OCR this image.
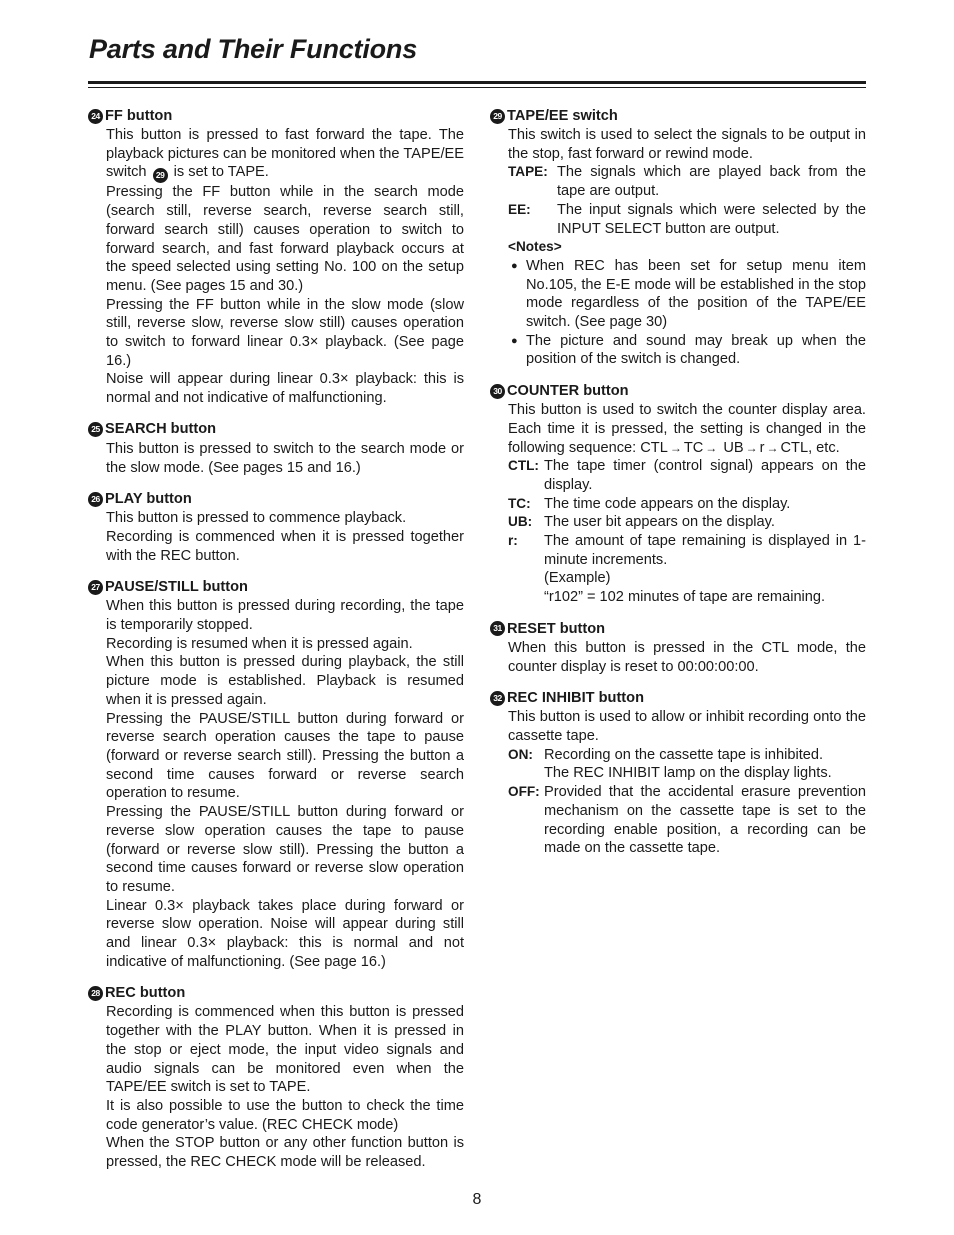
Parts and Their Functions
24 FF button

This button is pressed to fast forward the tape. The playback pictures can be monitored when the TAPE/EE switch 29 is set to TAPE.

Pressing the FF button while in the search mode (search still, reverse search, reverse search still, forward search still) causes operation to switch to forward search, and fast forward playback occurs at the speed selected using setting No. 100 on the setup menu. (See pages 15 and 30.)

Pressing the FF button while in the slow mode (slow still, reverse slow, reverse slow still) causes operation to switch to forward linear 0.3× playback. (See page 16.)

Noise will appear during linear 0.3× playback: this is normal and not indicative of malfunctioning.

25 SEARCH button

This button is pressed to switch to the search mode or the slow mode. (See pages 15 and 16.)

26 PLAY button

This button is pressed to commence playback.

Recording is commenced when it is pressed together with the REC button.

27 PAUSE/STILL button

When this button is pressed during recording, the tape is temporarily stopped.

Recording is resumed when it is pressed again.

When this button is pressed during playback, the still picture mode is established. Playback is resumed when it is pressed again.

Pressing the PAUSE/STILL button during forward or reverse search operation causes the tape to pause (forward or reverse search still). Pressing the button a second time causes forward or reverse search operation to resume.

Pressing the PAUSE/STILL button during forward or reverse slow operation causes the tape to pause (forward or reverse slow still). Pressing the button a second time causes forward or reverse slow operation to resume.

Linear 0.3× playback takes place during forward or reverse slow operation. Noise will appear during still and linear 0.3× playback: this is normal and not indicative of malfunctioning. (See page 16.)

28 REC button

Recording is commenced when this button is pressed together with the PLAY button. When it is pressed in the stop or eject mode, the input video signals and audio signals can be monitored even when the TAPE/EE switch is set to TAPE.

It is also possible to use the button to check the time code generator’s value. (REC CHECK mode)

When the STOP button or any other function button is pressed, the REC CHECK mode will be released.

29 TAPE/EE switch

This switch is used to select the signals to be output in the stop, fast forward or rewind mode.

TAPE: The signals which are played back from the tape are output.
EE:	The input signals which were selected by the INPUT SELECT button are output.
<Notes>
● When REC has been set for setup menu item No.105, the E-E mode will be established in the stop mode regardless of the position of the TAPE/EE switch. (See page 30)
● The picture and sound may break up when the position of the switch is changed.
30 COUNTER button

This button is used to switch the counter display area. Each time it is pressed, the setting is changed in the following sequence: CTL → TC → UB → r → CTL, etc.

CTL: The tape timer (control signal) appears on the display.
TC: The time code appears on the display.
UB: The user bit appears on the display.
r:	The amount of tape remaining is displayed in 1-minute increments.
(Example)
“r102” = 102 minutes of tape are remaining.
31 RESET button

When this button is pressed in the CTL mode, the counter display is reset to 00:00:00:00.

32 REC INHIBIT button

This button is used to allow or inhibit recording onto the cassette tape.

ON: Recording on the cassette tape is inhibited.
The REC INHIBIT lamp on the display lights.
OFF: Provided that the accidental erasure prevention mechanism on the cassette tape is set to the recording enable position, a recording can be made on the cassette tape.
8
